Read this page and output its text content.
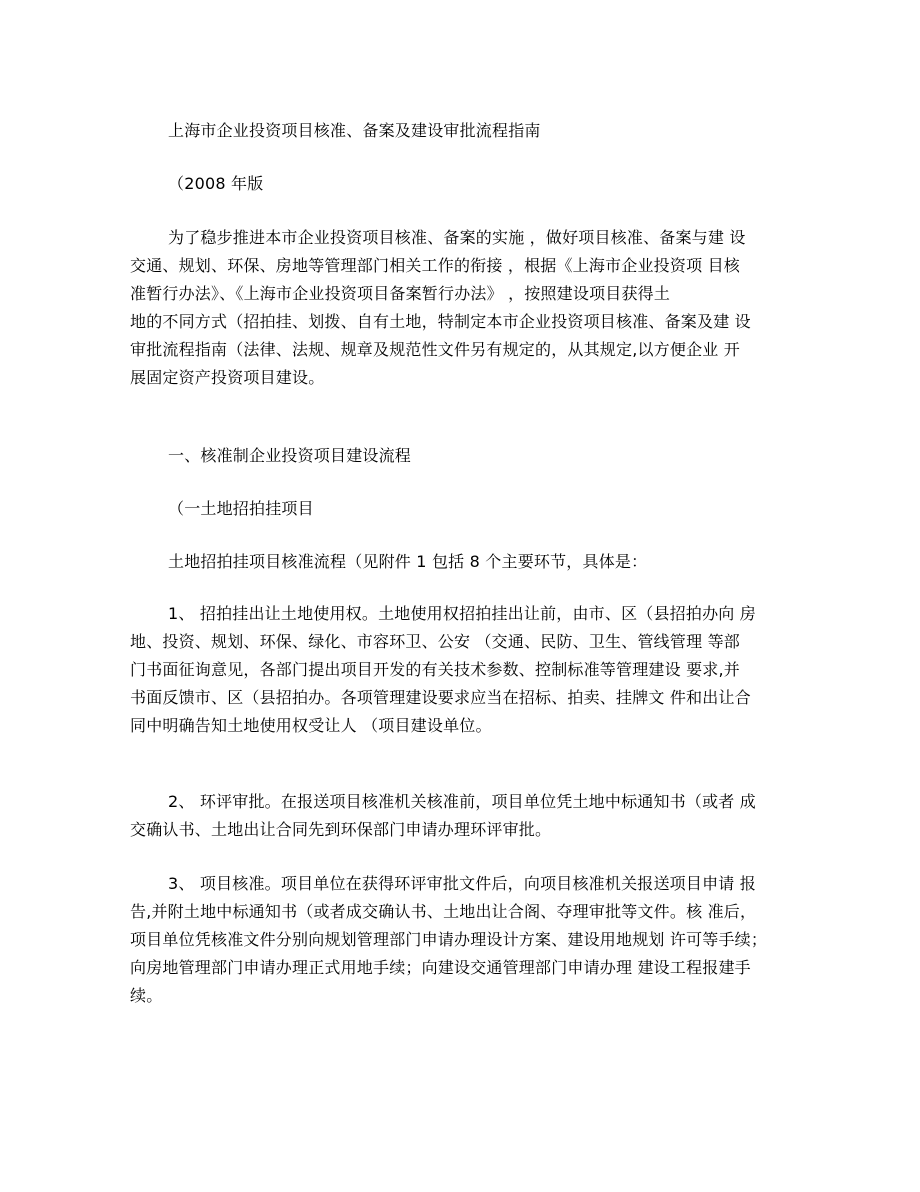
上海市企业投资项目核准、备案及建设审批流程指南

（2008 年版

为了稳步推进本市企业投资项目核准、备案的实施 ，做好项目核准、备案与建 设
交通、规划、环保、房地等管理部门相关工作的衔接 ，根据《上海市企业投资项 目核
准暂行办法》、《上海市企业投资项目备案暂行办法》 ，按照建设项目获得土
地的不同方式（招拍挂、划拨、自有土地，特制定本市企业投资项目核准、备案及建 设
审批流程指南（法律、法规、规章及规范性文件另有规定的，从其规定,以方便企业 开
展固定资产投资项目建设。

一、核准制企业投资项目建设流程

（一土地招拍挂项目

土地招拍挂项目核准流程（见附件 1 包括 8 个主要环节，具体是：

1、 招拍挂出让土地使用权。土地使用权招拍挂出让前，由市、区（县招拍办向 房
地、投资、规划、环保、绿化、市容环卫、公安 （交通、民防、卫生、管线管理 等部
门书面征询意见，各部门提出项目开发的有关技术参数、控制标准等管理建设 要求,并
书面反馈市、区（县招拍办。各项管理建设要求应当在招标、拍卖、挂牌文 件和出让合
同中明确告知土地使用权受让人 （项目建设单位。

2、 环评审批。在报送项目核准机关核准前，项目单位凭土地中标通知书（或者 成
交确认书、土地出让合同先到环保部门申请办理环评审批。

3、 项目核准。项目单位在获得环评审批文件后，向项目核准机关报送项目申请 报
告,并附土地中标通知书（或者成交确认书、土地出让合阁、夺理审批等文件。核 准后，
项目单位凭核准文件分别向规划管理部门申请办理设计方案、建设用地规划 许可等手续；
向房地管理部门申请办理正式用地手续；向建设交通管理部门申请办理 建设工程报建手
续。
